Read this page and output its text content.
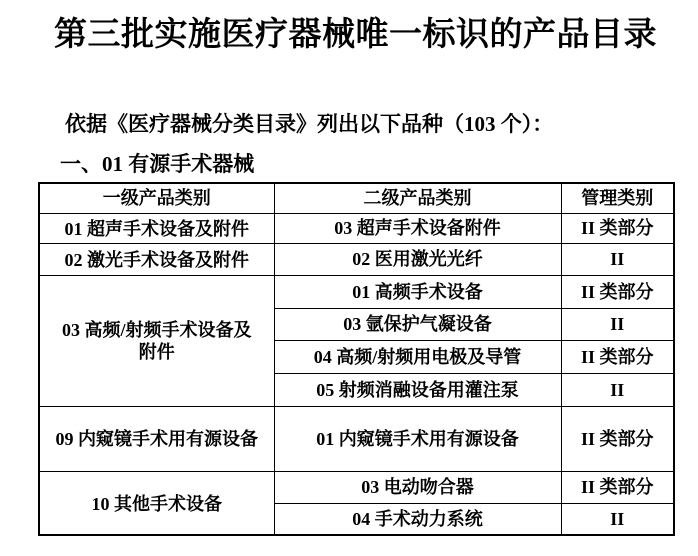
第三批实施医疗器械唯一标识的产品目录

依据《医疗器械分类目录》列出以下品种（103 个）：

一、01 有源手术器械

一级产品类别	二级产品类别	管理类别
01 超声手术设备及附件	03 超声手术设备附件	II 类部分
02 激光手术设备及附件	02 医用激光光纤	II
03 高频/射频手术设备及附件	01 高频手术设备	II 类部分
	03 氩保护气凝设备	II
	04 高频/射频用电极及导管	II 类部分
	05 射频消融设备用灌注泵	II
09 内窥镜手术用有源设备	01 内窥镜手术用有源设备	II 类部分
10 其他手术设备	03 电动吻合器	II 类部分
	04 手术动力系统	II
